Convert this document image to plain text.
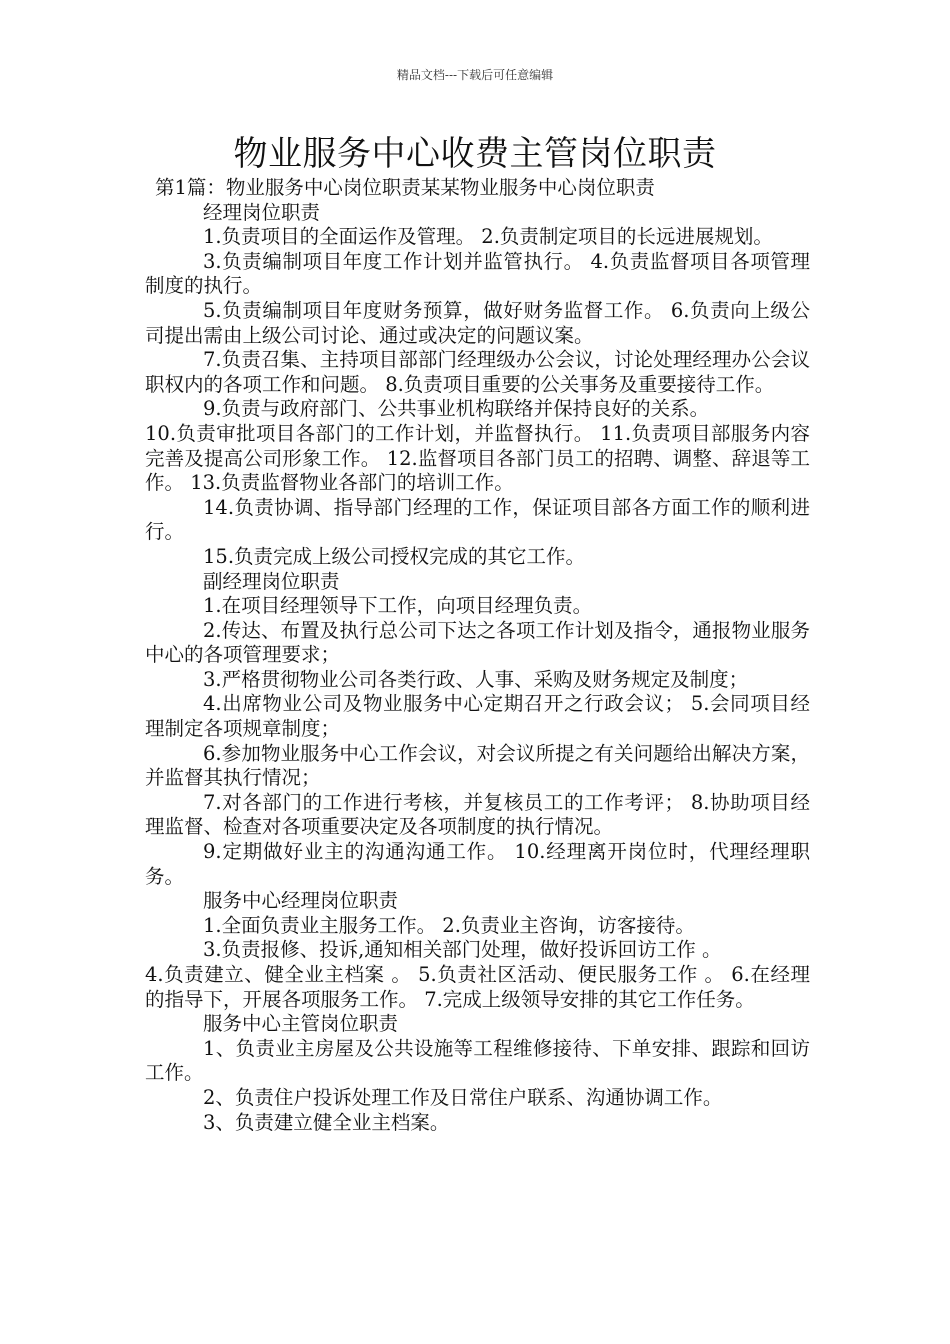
精品文档---下载后可任意编辑
物业服务中心收费主管岗位职责

第1篇：物业服务中心岗位职责某某物业服务中心岗位职责

经理岗位职责

1.负责项目的全面运作及管理。 2.负责制定项目的长远进展规划。

3.负责编制项目年度工作计划并监管执行。 4.负责监督项目各项管理制度的执行。

5.负责编制项目年度财务预算，做好财务监督工作。 6.负责向上级公司提出需由上级公司讨论、通过或决定的问题议案。

7.负责召集、主持项目部部门经理级办公会议，讨论处理经理办公会议职权内的各项工作和问题。 8.负责项目重要的公关事务及重要接待工作。

9.负责与政府部门、公共事业机构联络并保持良好的关系。

10.负责审批项目各部门的工作计划，并监督执行。 11.负责项目部服务内容完善及提高公司形象工作。 12.监督项目各部门员工的招聘、调整、辞退等工作。 13.负责监督物业各部门的培训工作。

14.负责协调、指导部门经理的工作，保证项目部各方面工作的顺利进行。

15.负责完成上级公司授权完成的其它工作。

副经理岗位职责

1.在项目经理领导下工作，向项目经理负责。

2.传达、布置及执行总公司下达之各项工作计划及指令，通报物业服务中心的各项管理要求；

3.严格贯彻物业公司各类行政、人事、采购及财务规定及制度；

4.出席物业公司及物业服务中心定期召开之行政会议； 5.会同项目经理制定各项规章制度；

6.参加物业服务中心工作会议，对会议所提之有关问题给出解决方案，并监督其执行情况；

7.对各部门的工作进行考核，并复核员工的工作考评； 8.协助项目经理监督、检查对各项重要决定及各项制度的执行情况。

9.定期做好业主的沟通沟通工作。 10.经理离开岗位时，代理经理职务。

服务中心经理岗位职责

1.全面负责业主服务工作。 2.负责业主咨询，访客接待。

3.负责报修、投诉,通知相关部门处理，做好投诉回访工作 。

4.负责建立、健全业主档案 。 5.负责社区活动、便民服务工作 。 6.在经理的指导下，开展各项服务工作。 7.完成上级领导安排的其它工作任务。

服务中心主管岗位职责

1、负责业主房屋及公共设施等工程维修接待、下单安排、跟踪和回访工作。

2、负责住户投诉处理工作及日常住户联系、沟通协调工作。

3、负责建立健全业主档案。
